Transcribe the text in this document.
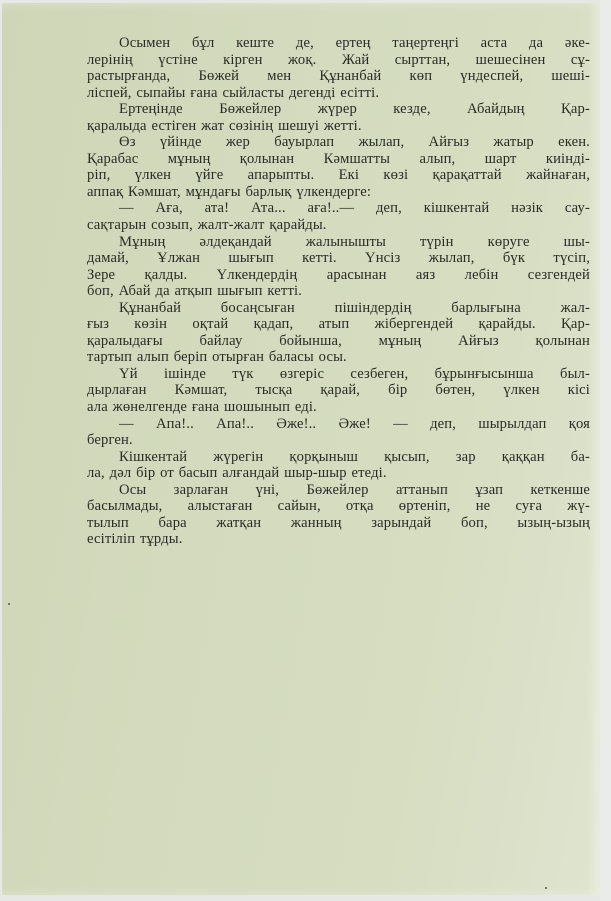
Осымен бұл кеште де, ертең таңертеңгі аста да әке-
лерінің үстіне кірген жоқ. Жай сырттан, шешесінен сұ-
растырғанда, Бөжей мен Құнанбай көп үндеспей, шеші-
ліспей, сыпайы ғана сыйласты дегенді есітті.
Ертеңінде Бөжейлер жүрер кезде, Абайдың Қар-
қаралыда естіген жат сөзінің шешуі жетті.
Өз үйінде жер бауырлап жылап, Айғыз жатыр екен.
Қарабас мұның қолынан Кәмшатты алып, шарт киінді-
ріп, үлкен үйге апарыпты. Екі көзі қарақаттай жайнаған,
аппақ Кәмшат, мұндағы барлық үлкендерге:
— Аға, ата! Ата... аға!..— деп, кішкентай нәзік сау-
сақтарын созып, жалт-жалт қарайды.
Мұның әлдеқандай жалынышты түрін көруге шы-
дамай, Ұлжан шығып кетті. Үнсіз жылап, бүк түсіп,
Зере қалды. Үлкендердің арасынан аяз лебін сезгендей
боп, Абай да атқып шығып кетті.
Құнанбай босаңсыған пішіндердің барлығына жал-
ғыз көзін оқтай қадап, атып жібергендей қарайды. Қар-
қаралыдағы байлау бойынша, мұның Айғыз қолынан
тартып алып беріп отырған баласы осы.
Үй ішінде түк өзгеріс сезбеген, бұрынғысынша был-
дырлаған Кәмшат, тысқа қарай, бір бөтен, үлкен кісі
ала жөнелгенде ғана шошынып еді.
— Апа!.. Апа!.. Әже!.. Әже! — деп, шырылдап қоя
берген.
Кішкентай жүрегін қорқыныш қысып, зар қаққан ба-
ла, дәл бір от басып алғандай шыр-шыр етеді.
Осы зарлаған үні, Бөжейлер аттанып ұзап кеткенше
басылмады, алыстаған сайын, отқа өртеніп, не суға жү-
тылып бара жатқан жанның зарындай боп, ызың-ызың
есітіліп тұрды.
